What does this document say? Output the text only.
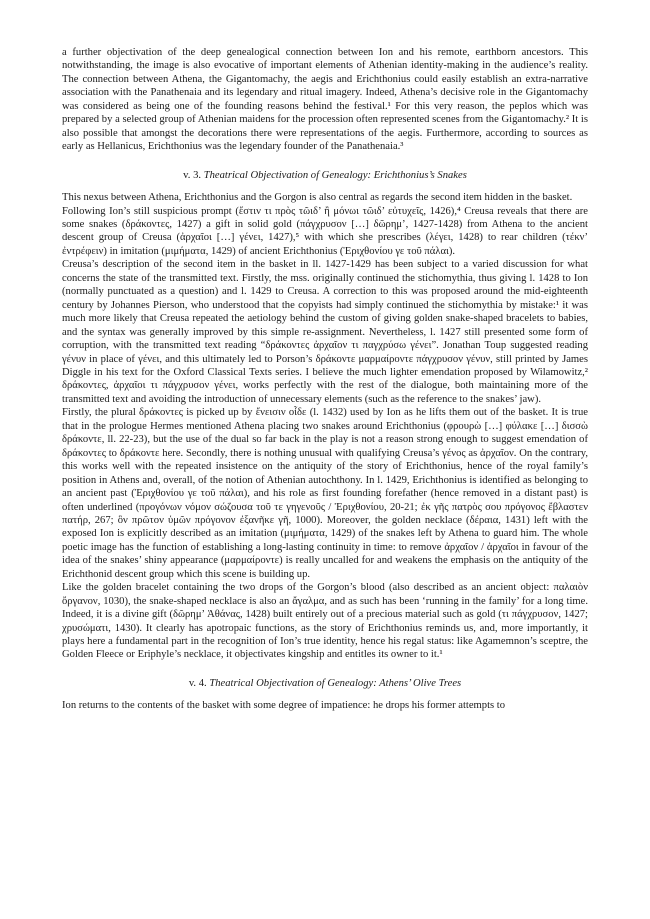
a further objectivation of the deep genealogical connection between Ion and his remote, earthborn ancestors. This notwithstanding, the image is also evocative of important elements of Athenian identity-making in the audience’s reality. The connection between Athena, the Gigantomachy, the aegis and Erichthonius could easily establish an extra-narrative association with the Panathenaia and its legendary and ritual imagery. Indeed, Athena’s decisive role in the Gigantomachy was considered as being one of the founding reasons behind the festival.¹ For this very reason, the peplos which was prepared by a selected group of Athenian maidens for the procession often represented scenes from the Gigantomachy.² It is also possible that amongst the decorations there were representations of the aegis. Furthermore, according to sources as early as Hellanicus, Erichthonius was the legendary founder of the Panathenaia.³

v. 3. Theatrical Objectivation of Genealogy: Erichthonius’s Snakes

This nexus between Athena, Erichthonius and the Gorgon is also central as regards the second item hidden in the basket.

Following Ion’s still suspicious prompt (ἔστιν τι πρὸς τῶιδ’ ἢ μόνωι τῶιδ’ εὐτυχεῖς, 1426),⁴ Creusa reveals that there are some snakes (δράκοντες, 1427) a gift in solid gold (πάγχρυσον […] δῶρημ’, 1427-1428) from Athena to the ancient descent group of Creusa (ἀρχαῖοι […] γένει, 1427),⁵ with which she prescribes (λέγει, 1428) to rear children (τέκν’ ἐντρέφειν) in imitation (μιμήματα, 1429) of ancient Erichthonius (Ἐριχθονίου γε τοῦ πάλαι).

Creusa’s description of the second item in the basket in ll. 1427-1429 has been subject to a varied discussion for what concerns the state of the transmitted text. Firstly, the mss. originally continued the stichomythia, thus giving l. 1428 to Ion (normally punctuated as a question) and l. 1429 to Creusa. A correction to this was proposed around the mid-eighteenth century by Johannes Pierson, who understood that the copyists had simply continued the stichomythia by mistake:¹ it was much more likely that Creusa repeated the aetiology behind the custom of giving golden snake-shaped bracelets to babies, and the syntax was generally improved by this simple re-assignment. Nevertheless, l. 1427 still presented some form of corruption, with the transmitted text reading “δράκοντες ἀρχαῖον τι παγχρύσω γένει”. Jonathan Toup suggested reading γένυν in place of γένει, and this ultimately led to Porson’s δράκοντε μαρμαίροντε πάγχρυσον γένυν, still printed by James Diggle in his text for the Oxford Classical Texts series. I believe the much lighter emendation proposed by Wilamowitz,² δράκοντες, ἀρχαῖοι τι πάγχρυσον γένει, works perfectly with the rest of the dialogue, both maintaining more of the transmitted text and avoiding the introduction of unnecessary elements (such as the reference to the snakes’ jaw).

Firstly, the plural δράκοντες is picked up by ἔνεισιν οἶδε (l. 1432) used by Ion as he lifts them out of the basket. It is true that in the prologue Hermes mentioned Athena placing two snakes around Erichthonius (φρουρὼ […] φύλακε […] δισσὼ δράκοντε, ll. 22-23), but the use of the dual so far back in the play is not a reason strong enough to suggest emendation of δράκοντες to δράκοντε here. Secondly, there is nothing unusual with qualifying Creusa’s γένος as ἀρχαῖον. On the contrary, this works well with the repeated insistence on the antiquity of the story of Erichthonius, hence of the royal family’s position in Athens and, overall, of the notion of Athenian autochthony. In l. 1429, Erichthonius is identified as belonging to an ancient past (Ἐριχθονίου γε τοῦ πάλαι), and his role as first founding forefather (hence removed in a distant past) is often underlined (προγόνων νόμον σώζουσα τοῦ τε γηγενοῦς / Ἐριχθονίου, 20-21; ἐκ γῆς πατρὸς σου πρόγονος ἔβλαστεν πατήρ, 267; ὃν πρῶτον ὑμῶν πρόγονον ἐξανῆκε γῆ, 1000). Moreover, the golden necklace (δέραια, 1431) left with the exposed Ion is explicitly described as an imitation (μιμήματα, 1429) of the snakes left by Athena to guard him. The whole poetic image has the function of establishing a long-lasting continuity in time: to remove ἀρχαῖον / ἀρχαῖοι in favour of the idea of the snakes’ shiny appearance (μαρμαίροντε) is really uncalled for and weakens the emphasis on the antiquity of the Erichthonid descent group which this scene is building up.

Like the golden bracelet containing the two drops of the Gorgon’s blood (also described as an ancient object: παλαιὸν ὄργανον, 1030), the snake-shaped necklace is also an ἄγαλμα, and as such has been ‘running in the family’ for a long time. Indeed, it is a divine gift (δῶρημ’ Ἀθάνας, 1428) built entirely out of a precious material such as gold (τι πάγχρυσον, 1427; χρυσώματι, 1430). It clearly has apotropaic functions, as the story of Erichthonius reminds us, and, more importantly, it plays here a fundamental part in the recognition of Ion’s true identity, hence his regal status: like Agamemnon’s sceptre, the Golden Fleece or Eriphyle’s necklace, it objectivates kingship and entitles its owner to it.¹

v. 4. Theatrical Objectivation of Genealogy: Athens’ Olive Trees

Ion returns to the contents of the basket with some degree of impatience: he drops his former attempts to
